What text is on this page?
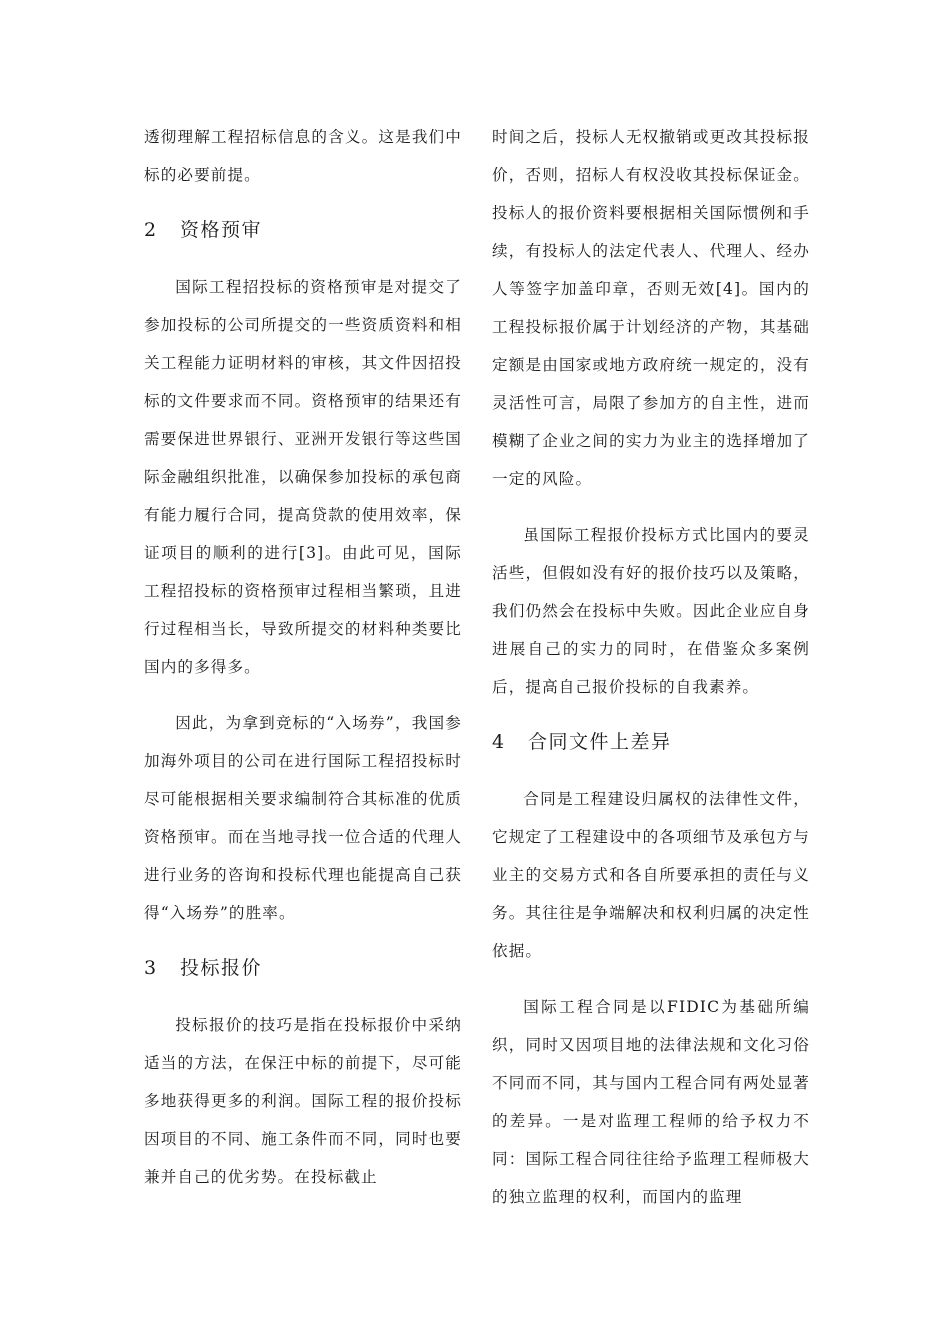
透彻理解工程招标信息的含义。这是我们中标的必要前提。

2 资格预审

国际工程招投标的资格预审是对提交了参加投标的公司所提交的一些资质资料和相关工程能力证明材料的审核，其文件因招投标的文件要求而不同。资格预审的结果还有需要保进世界银行、亚洲开发银行等这些国际金融组织批准，以确保参加投标的承包商有能力履行合同，提高贷款的使用效率，保证项目的顺利的进行[3]。由此可见，国际工程招投标的资格预审过程相当繁琐，且进行过程相当长，导致所提交的材料种类要比国内的多得多。

因此，为拿到竞标的“入场券”，我国参加海外项目的公司在进行国际工程招投标时尽可能根据相关要求编制符合其标准的优质资格预审。而在当地寻找一位合适的代理人进行业务的咨询和投标代理也能提高自己获得“入场券”的胜率。

3 投标报价

投标报价的技巧是指在投标报价中采纳适当的方法，在保汪中标的前提下，尽可能多地获得更多的利润。国际工程的报价投标因项目的不同、施工条件而不同，同时也要兼并自己的优劣势。在投标截止

时间之后，投标人无权撤销或更改其投标报价，否则，招标人有权没收其投标保证金。投标人的报价资料要根据相关国际惯例和手续，有投标人的法定代表人、代理人、经办人等签字加盖印章，否则无效[4]。国内的工程投标报价属于计划经济的产物，其基础定额是由国家或地方政府统一规定的，没有灵活性可言，局限了参加方的自主性，进而模糊了企业之间的实力为业主的选择增加了一定的风险。

虽国际工程报价投标方式比国内的要灵活些，但假如没有好的报价技巧以及策略，我们仍然会在投标中失败。因此企业应自身进展自己的实力的同时，在借鉴众多案例后，提高自己报价投标的自我素养。

4 合同文件上差异

合同是工程建设归属权的法律性文件，它规定了工程建设中的各项细节及承包方与业主的交易方式和各自所要承担的责任与义务。其往往是争端解决和权利归属的决定性依据。

国际工程合同是以FIDIC为基础所编织，同时又因项目地的法律法规和文化习俗不同而不同，其与国内工程合同有两处显著的差异。一是对监理工程师的给予权力不同：国际工程合同往往给予监理工程师极大的独立监理的权利，而国内的监理
